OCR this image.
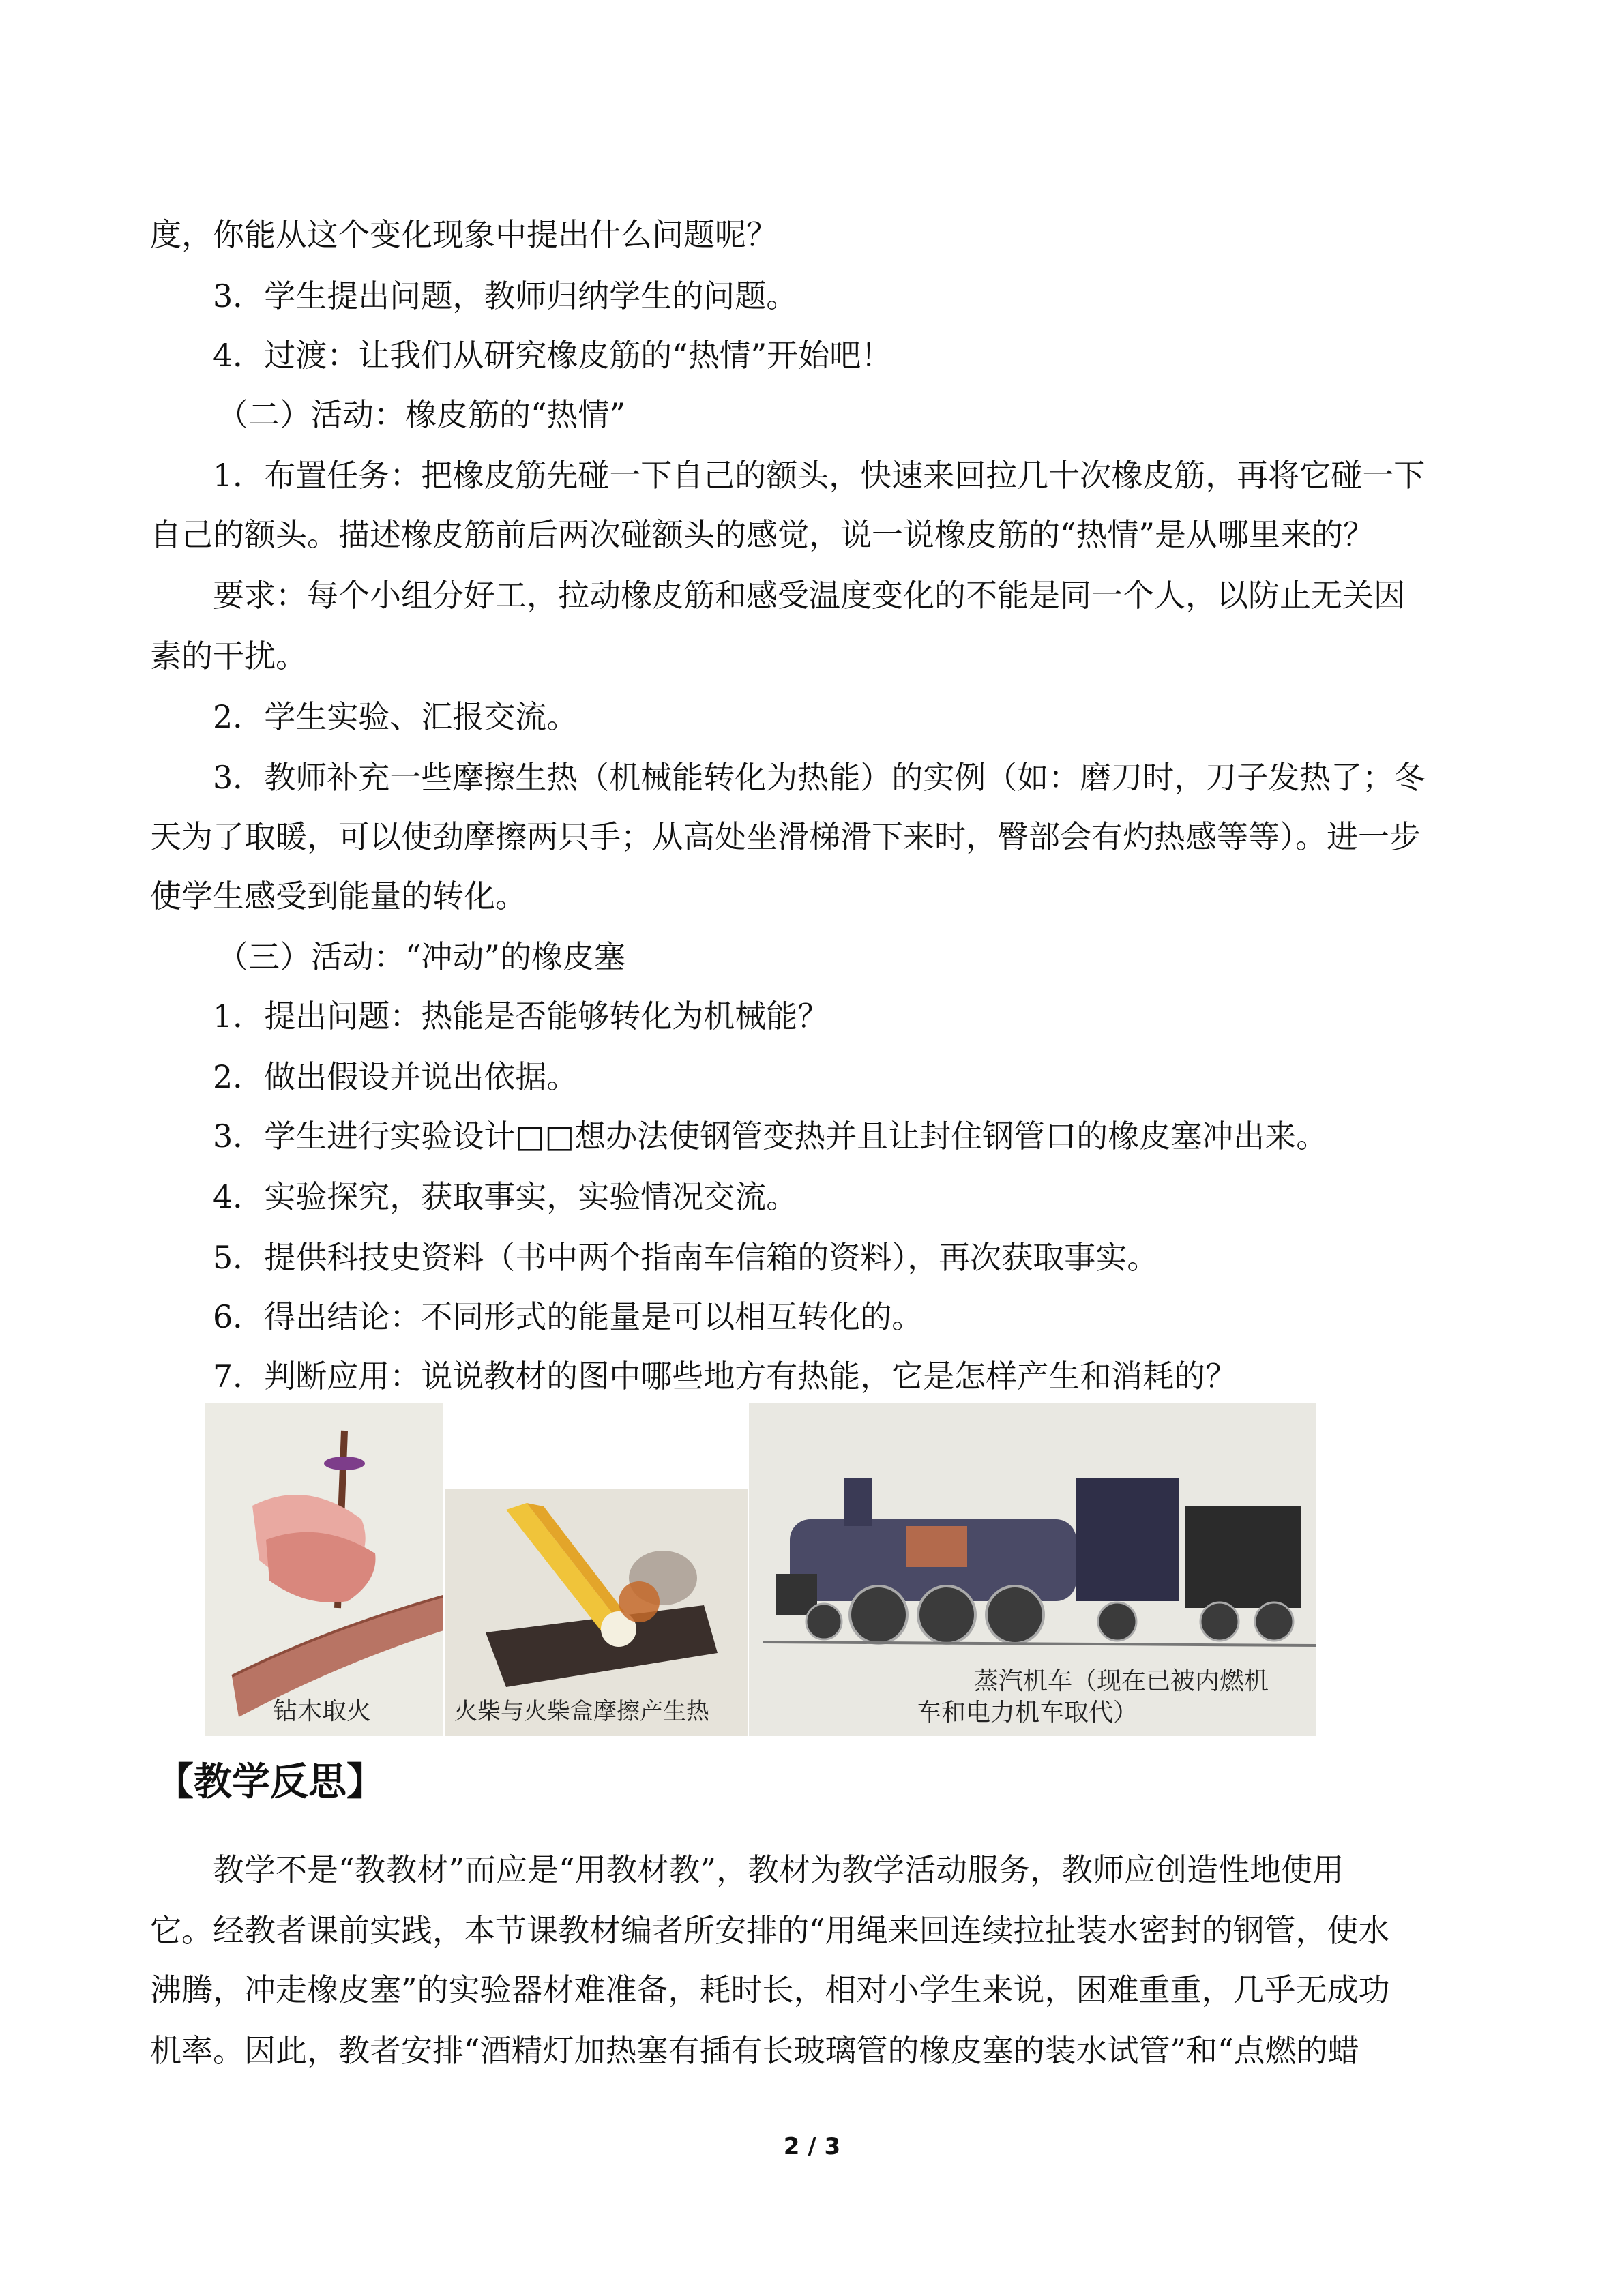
度，你能从这个变化现象中提出什么问题呢？
3．学生提出问题，教师归纳学生的问题。
4．过渡：让我们从研究橡皮筋的“热情”开始吧！
（二）活动：橡皮筋的“热情”
1．布置任务：把橡皮筋先碰一下自己的额头，快速来回拉几十次橡皮筋，再将它碰一下
自己的额头。描述橡皮筋前后两次碰额头的感觉，说一说橡皮筋的“热情”是从哪里来的？
要求：每个小组分好工，拉动橡皮筋和感受温度变化的不能是同一个人，以防止无关因
素的干扰。
2．学生实验、汇报交流。
3．教师补充一些摩擦生热（机械能转化为热能）的实例（如：磨刀时，刀子发热了；冬
天为了取暖，可以使劲摩擦两只手；从高处坐滑梯滑下来时，臀部会有灼热感等等）。进一步
使学生感受到能量的转化。
（三）活动：“冲动”的橡皮塞
1．提出问题：热能是否能够转化为机械能？
2．做出假设并说出依据。
3．学生进行实验设计□□想办法使钢管变热并且让封住钢管口的橡皮塞冲出来。
4．实验探究，获取事实，实验情况交流。
5．提供科技史资料（书中两个指南车信箱的资料），再次获取事实。
6．得出结论：不同形式的能量是可以相互转化的。
7．判断应用：说说教材的图中哪些地方有热能，它是怎样产生和消耗的？
钻木取火	火柴与火柴盒摩擦产生热
蒸汽机车（现在已被内燃机
车和电力机车取代）
【教学反思】
教学不是“教教材”而应是“用教材教”，教材为教学活动服务，教师应创造性地使用
它。经教者课前实践，本节课教材编者所安排的“用绳来回连续拉扯装水密封的钢管，使水
沸腾，冲走橡皮塞”的实验器材难准备，耗时长，相对小学生来说，困难重重，几乎无成功
机率。因此，教者安排“酒精灯加热塞有插有长玻璃管的橡皮塞的装水试管”和“点燃的蜡
2 / 3
